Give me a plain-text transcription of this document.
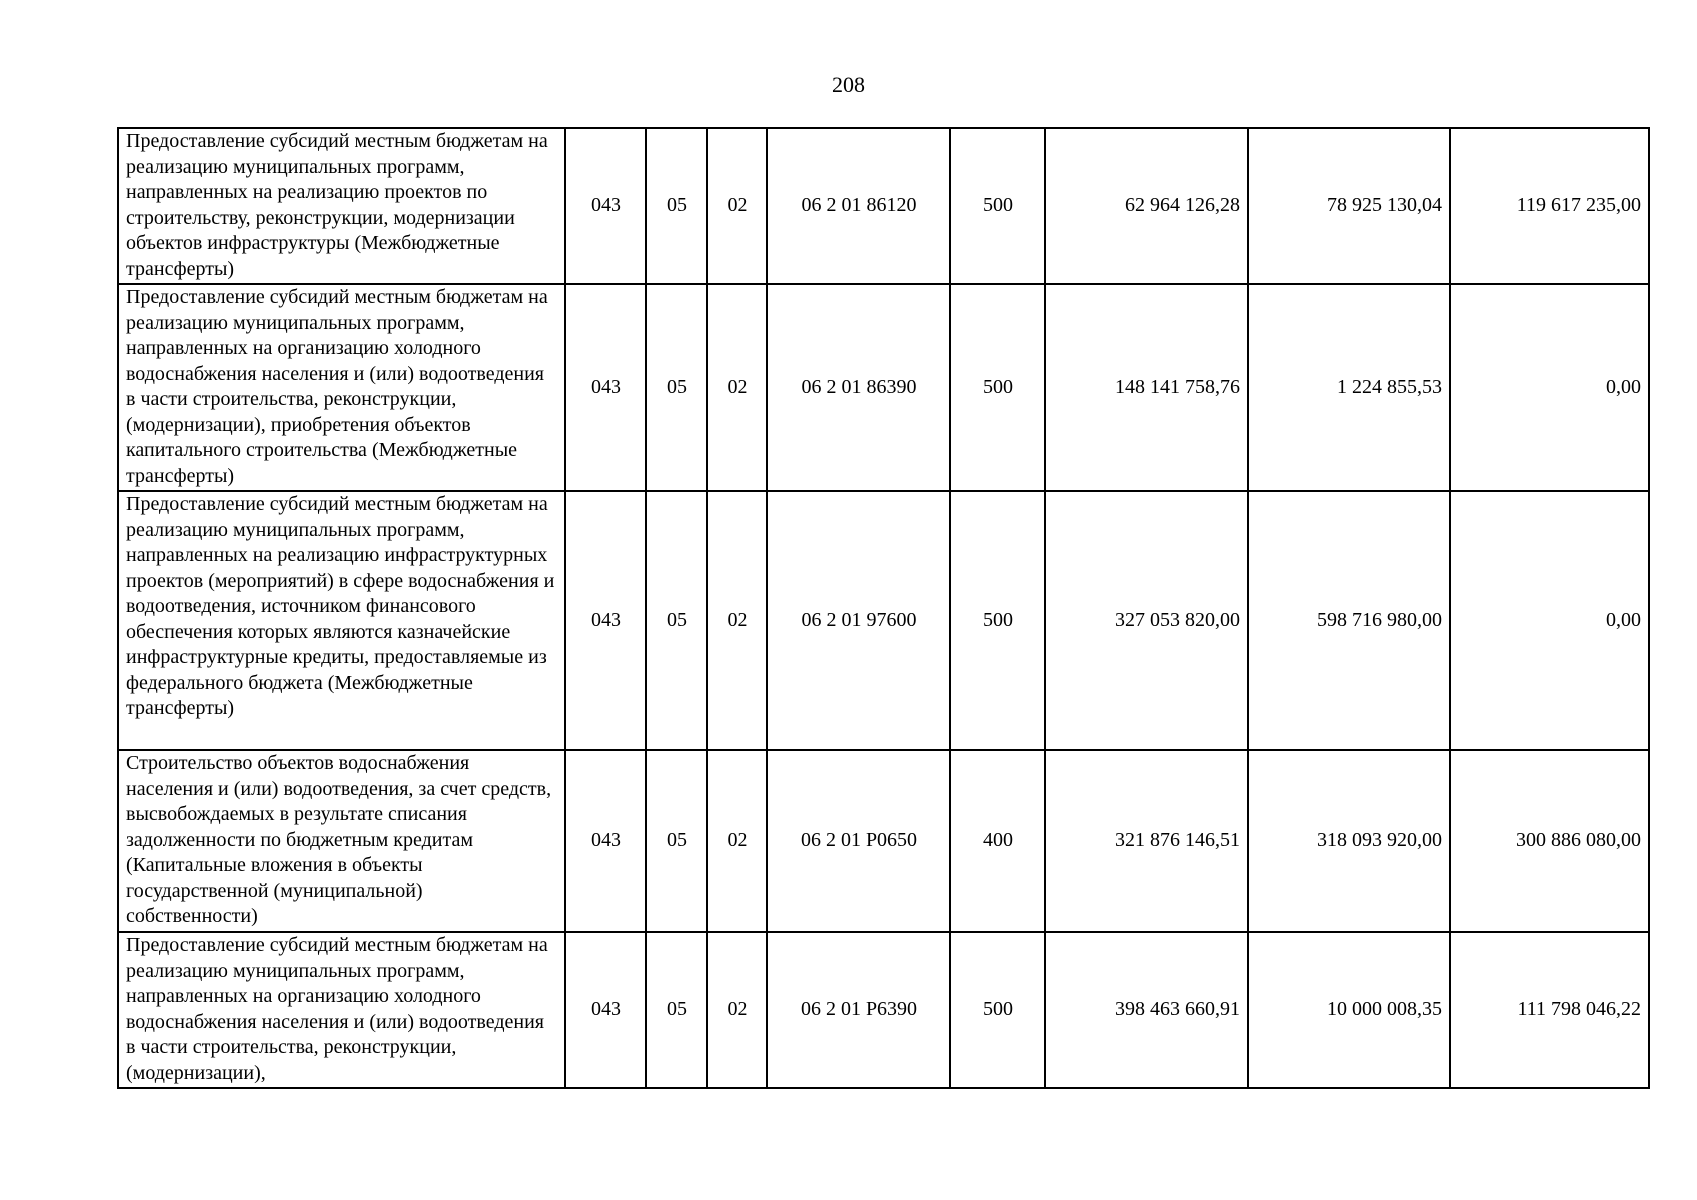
208
Предоставление субсидий местным бюджетам на реализацию муниципальных программ, направленных на реализацию проектов по строительству, реконструкции, модернизации объектов инфраструктуры (Межбюджетные трансферты)	043	05	02	06 2 01 86120	500	62 964 126,28	78 925 130,04	119 617 235,00
Предоставление субсидий местным бюджетам на реализацию муниципальных программ, направленных на организацию холодного водоснабжения населения и (или) водоотведения в части строительства, реконструкции, (модернизации), приобретения объектов капитального строительства (Межбюджетные трансферты)	043	05	02	06 2 01 86390	500	148 141 758,76	1 224 855,53	0,00
Предоставление субсидий местным бюджетам на реализацию муниципальных программ, направленных на реализацию инфраструктурных проектов (мероприятий) в сфере водоснабжения и водоотведения, источником финансового обеспечения которых являются казначейские инфраструктурные кредиты, предоставляемые из федерального бюджета (Межбюджетные трансферты)	043	05	02	06 2 01 97600	500	327 053 820,00	598 716 980,00	0,00
Строительство объектов водоснабжения населения и (или) водоотведения, за счет средств, высвобождаемых в результате списания задолженности по бюджетным кредитам (Капитальные вложения в объекты государственной (муниципальной) собственности)	043	05	02	06 2 01 P0650	400	321 876 146,51	318 093 920,00	300 886 080,00
Предоставление субсидий местным бюджетам на реализацию муниципальных программ, направленных на организацию холодного водоснабжения населения и (или) водоотведения в части строительства, реконструкции, (модернизации),	043	05	02	06 2 01 P6390	500	398 463 660,91	10 000 008,35	111 798 046,22
